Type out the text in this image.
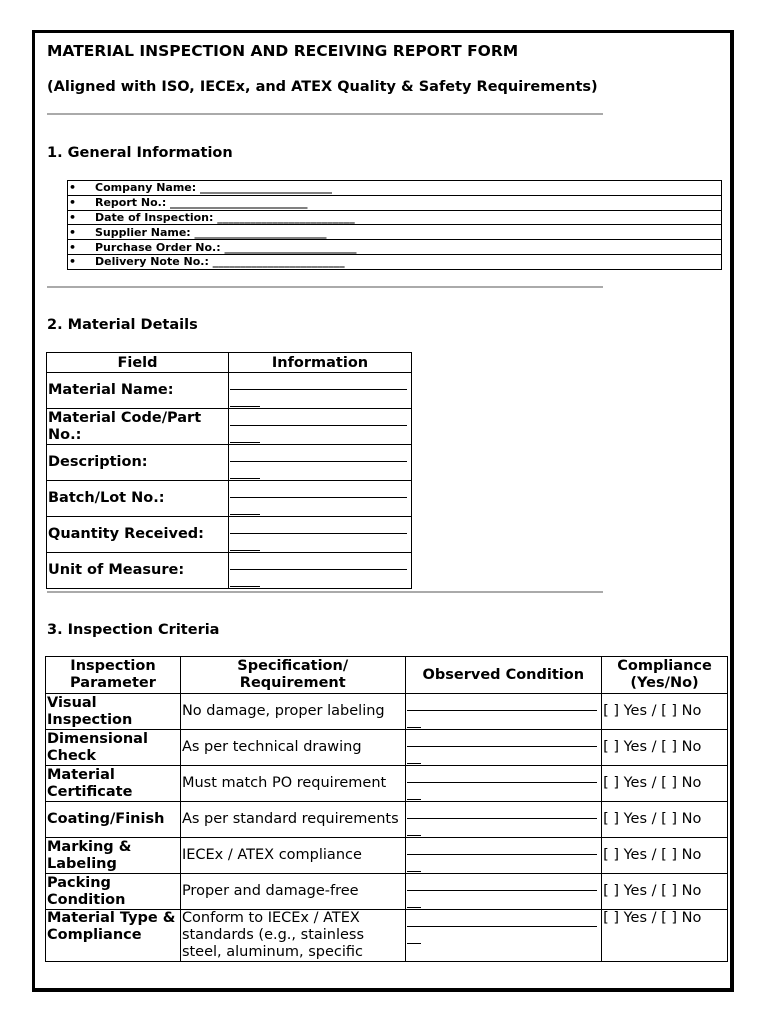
MATERIAL INSPECTION AND RECEIVING REPORT FORM
(Aligned with ISO, IECEx, and ATEX Quality & Safety Requirements)
1. General Information
• Company Name: ________________________
• Report No.: _________________________
• Date of Inspection: _________________________
• Supplier Name: ________________________
• Purchase Order No.: ________________________
• Delivery Note No.: ________________________
2. Material Details
Field	Information
Material Name:	

Material Code/Part No.:	

Description:	

Batch/Lot No.:	

Quantity Received:	

Unit of Measure:	
3. Inspection Criteria
Inspection Parameter	Specification/ Requirement	Observed Condition	Compliance (Yes/No)
Visual Inspection	No damage, proper labeling		[ ] Yes / [ ] No
Dimensional Check	As per technical drawing		[ ] Yes / [ ] No
Material Certificate	Must match PO requirement		[ ] Yes / [ ] No
Coating/Finish	As per standard requirements		[ ] Yes / [ ] No
Marking & Labeling	IECEx / ATEX compliance		[ ] Yes / [ ] No
Packing Condition	Proper and damage-free		[ ] Yes / [ ] No
Material Type & Compliance	Conform to IECEx / ATEX standards (e.g., stainless steel, aluminum, specific		[ ] Yes / [ ] No
